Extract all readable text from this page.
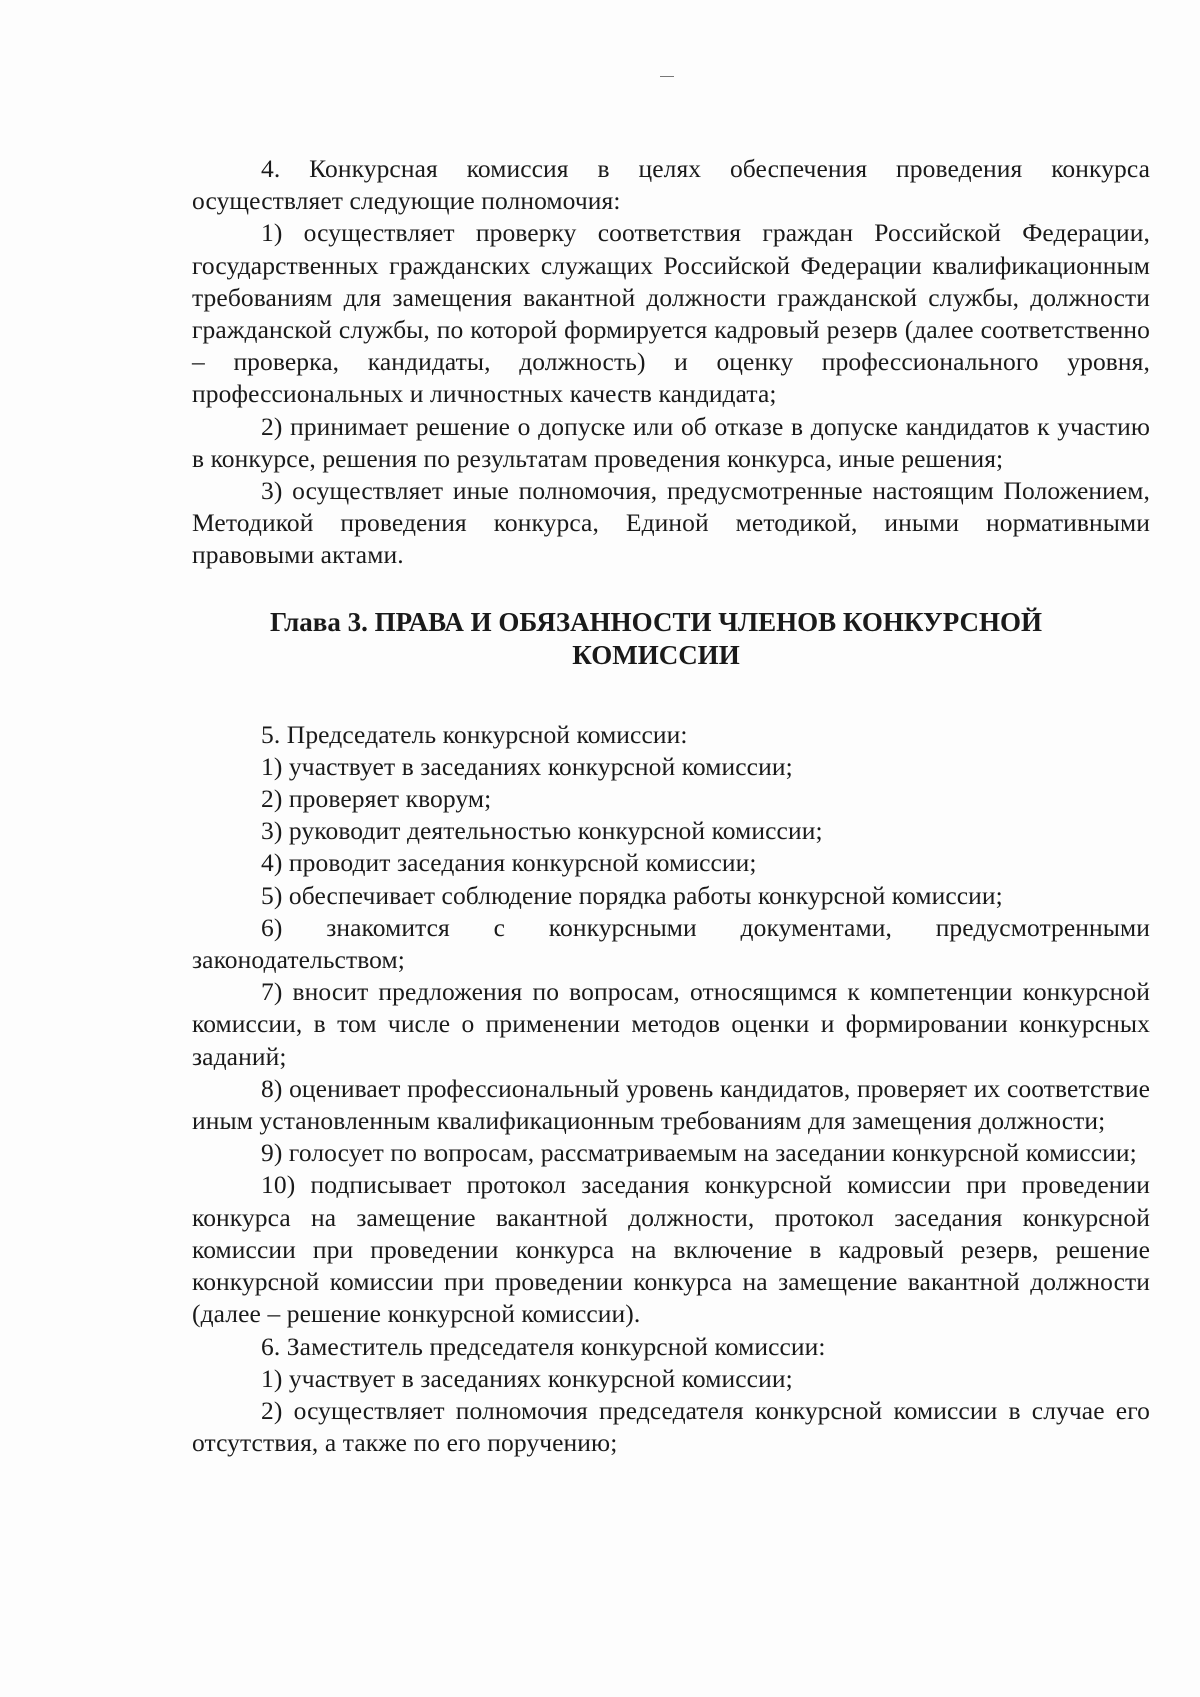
4. Конкурсная комиссия в целях обеспечения проведения конкурса осуществляет следующие полномочия:

1) осуществляет проверку соответствия граждан Российской Федерации, государственных гражданских служащих Российской Федерации квалификационным требованиям для замещения вакантной должности гражданской службы, должности гражданской службы, по которой формируется кадровый резерв (далее соответственно – проверка, кандидаты, должность) и оценку профессионального уровня, профессиональных и личностных качеств кандидата;

2) принимает решение о допуске или об отказе в допуске кандидатов к участию в конкурсе, решения по результатам проведения конкурса, иные решения;

3) осуществляет иные полномочия, предусмотренные настоящим Положением, Методикой проведения конкурса, Единой методикой, иными нормативными правовыми актами.

Глава 3. ПРАВА И ОБЯЗАННОСТИ ЧЛЕНОВ КОНКУРСНОЙ КОМИССИИ

5. Председатель конкурсной комиссии:

1) участвует в заседаниях конкурсной комиссии;

2) проверяет кворум;

3) руководит деятельностью конкурсной комиссии;

4) проводит заседания конкурсной комиссии;

5) обеспечивает соблюдение порядка работы конкурсной комиссии;

6) знакомится с конкурсными документами, предусмотренными законодательством;

7) вносит предложения по вопросам, относящимся к компетенции конкурсной комиссии, в том числе о применении методов оценки и формировании конкурсных заданий;

8) оценивает профессиональный уровень кандидатов, проверяет их соответствие иным установленным квалификационным требованиям для замещения должности;

9) голосует по вопросам, рассматриваемым на заседании конкурсной комиссии;

10) подписывает протокол заседания конкурсной комиссии при проведении конкурса на замещение вакантной должности, протокол заседания конкурсной комиссии при проведении конкурса на включение в кадровый резерв, решение конкурсной комиссии при проведении конкурса на замещение вакантной должности (далее – решение конкурсной комиссии).

6. Заместитель председателя конкурсной комиссии:

1) участвует в заседаниях конкурсной комиссии;

2) осуществляет полномочия председателя конкурсной комиссии в случае его отсутствия, а также по его поручению;
